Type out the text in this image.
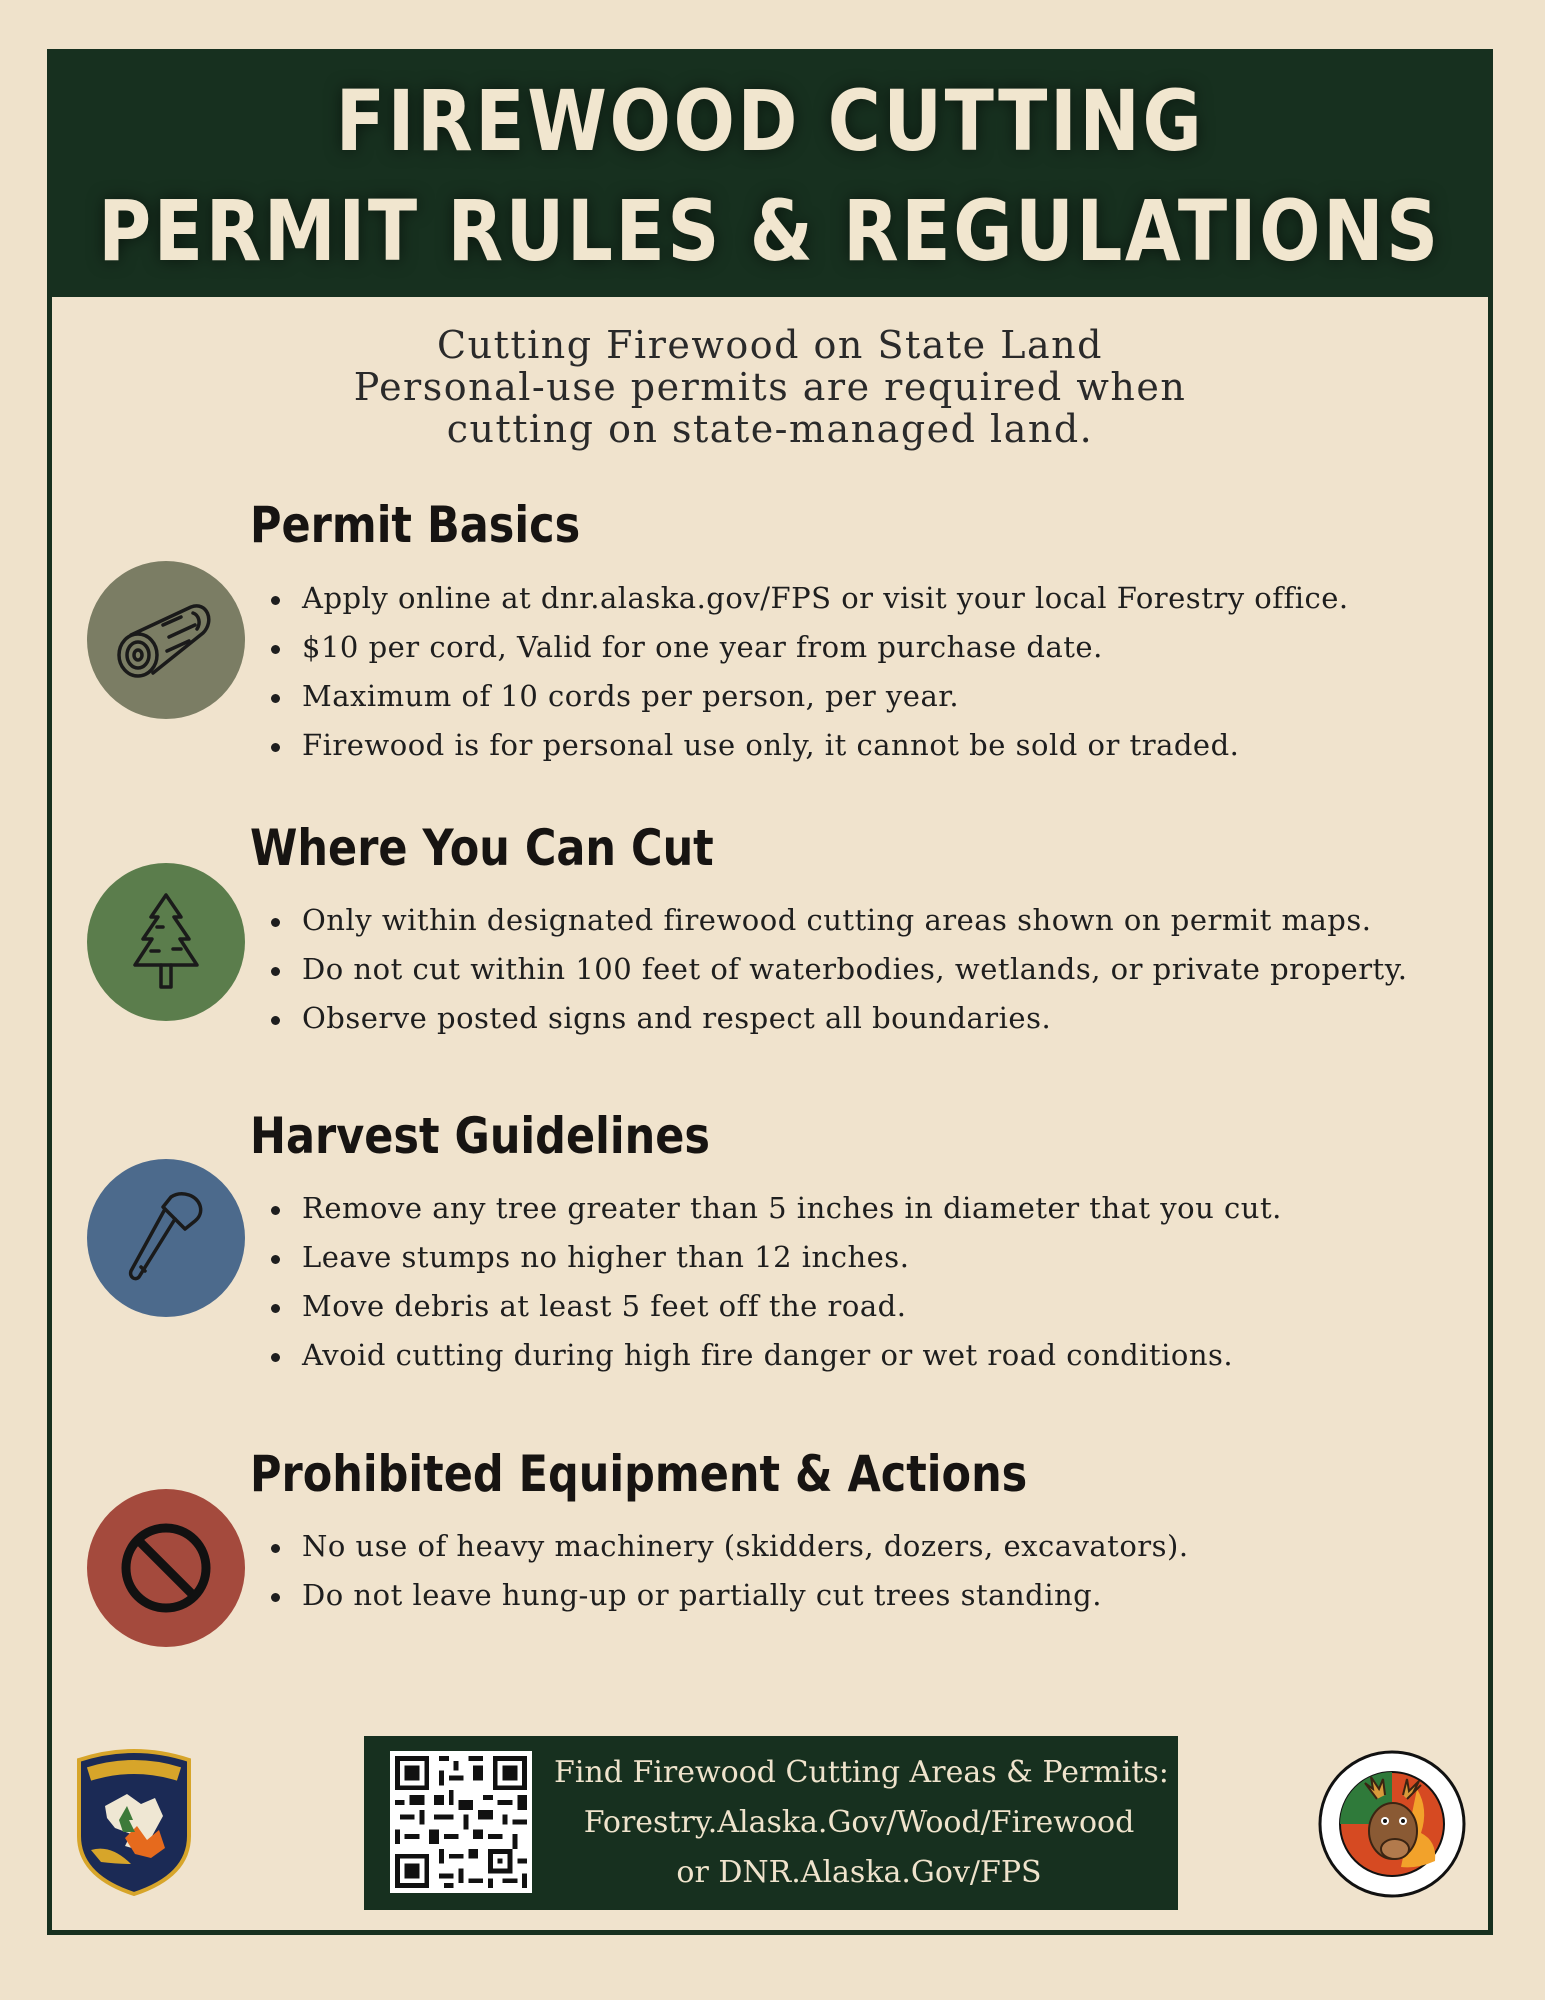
FIREWOOD CUTTING
PERMIT RULES & REGULATIONS
Cutting Firewood on State Land
Personal-use permits are required when
cutting on state-managed land.
Permit Basics
Apply online at dnr.alaska.gov/FPS or visit your local Forestry office.
$10 per cord, Valid for one year from purchase date.
Maximum of 10 cords per person, per year.
Firewood is for personal use only, it cannot be sold or traded.
Where You Can Cut
Only within designated firewood cutting areas shown on permit maps.
Do not cut within 100 feet of waterbodies, wetlands, or private property.
Observe posted signs and respect all boundaries.
Harvest Guidelines
Remove any tree greater than 5 inches in diameter that you cut.
Leave stumps no higher than 12 inches.
Move debris at least 5 feet off the road.
Avoid cutting during high fire danger or wet road conditions.
Prohibited Equipment & Actions
No use of heavy machinery (skidders, dozers, excavators).
Do not leave hung-up or partially cut trees standing.
Find Firewood Cutting Areas & Permits:
Forestry.Alaska.Gov/Wood/Firewood
or DNR.Alaska.Gov/FPS
